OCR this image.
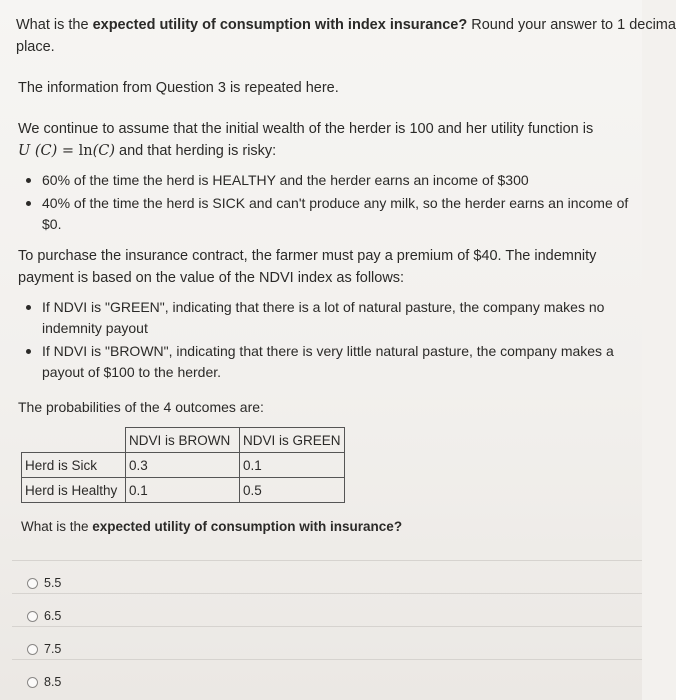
What is the expected utility of consumption with index insurance? Round your answer to 1 decima
place.
The information from Question 3 is repeated here.
We continue to assume that the initial wealth of the herder is 100 and her utility function is
U (C) = ln(C) and that herding is risky:
60% of the time the herd is HEALTHY and the herder earns an income of $300
40% of the time the herd is SICK and can't produce any milk, so the herder earns an income of $0.
To purchase the insurance contract, the farmer must pay a premium of $40. The indemnity payment is based on the value of the NDVI index as follows:
If NDVI is "GREEN", indicating that there is a lot of natural pasture, the company makes no indemnity payout
If NDVI is "BROWN", indicating that there is very little natural pasture, the company makes a payout of $100 to the herder.
The probabilities of the 4 outcomes are:
	NDVI is BROWN	NDVI is GREEN
Herd is Sick	0.3	0.1
Herd is Healthy	0.1	0.5
What is the expected utility of consumption with insurance?
5.5
6.5
7.5
8.5
